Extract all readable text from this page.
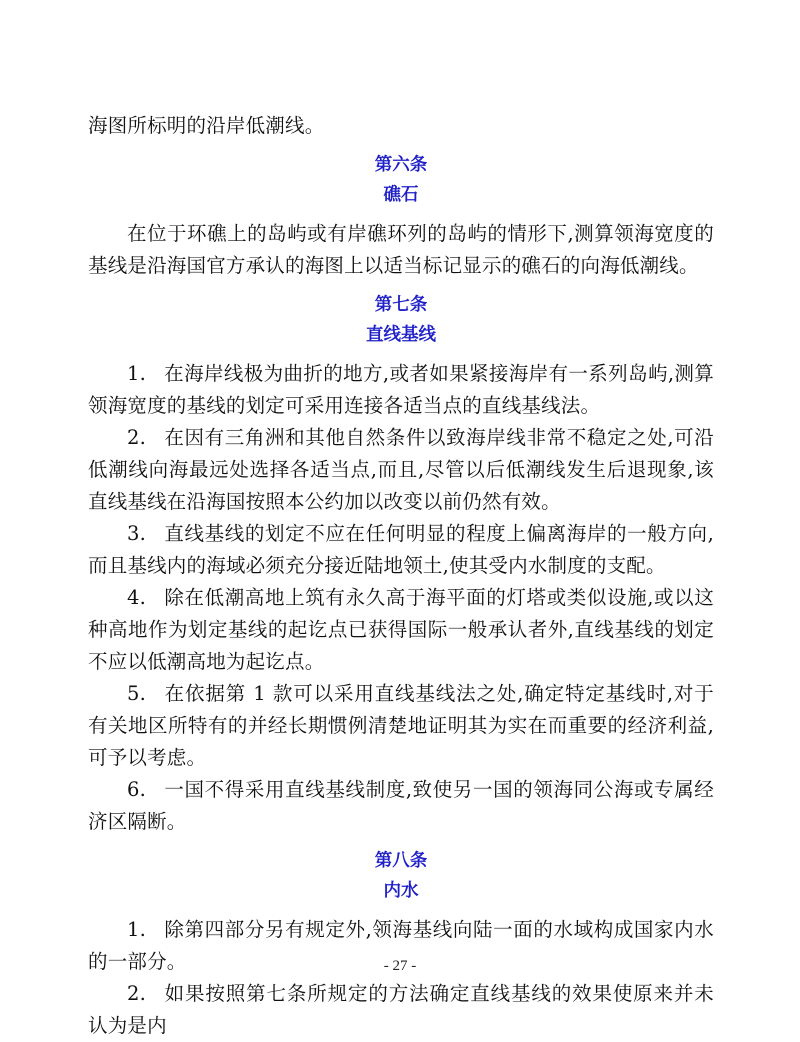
海图所标明的沿岸低潮线。

第六条
礁石

在位于环礁上的岛屿或有岸礁环列的岛屿的情形下,测算领海宽度的基线是沿海国官方承认的海图上以适当标记显示的礁石的向海低潮线。

第七条
直线基线

1. 在海岸线极为曲折的地方,或者如果紧接海岸有一系列岛屿,测算领海宽度的基线的划定可采用连接各适当点的直线基线法。

2. 在因有三角洲和其他自然条件以致海岸线非常不稳定之处,可沿低潮线向海最远处选择各适当点,而且,尽管以后低潮线发生后退现象,该直线基线在沿海国按照本公约加以改变以前仍然有效。

3. 直线基线的划定不应在任何明显的程度上偏离海岸的一般方向,而且基线内的海域必须充分接近陆地领土,使其受内水制度的支配。

4. 除在低潮高地上筑有永久高于海平面的灯塔或类似设施,或以这种高地作为划定基线的起讫点已获得国际一般承认者外,直线基线的划定不应以低潮高地为起讫点。

5. 在依据第 1 款可以采用直线基线法之处,确定特定基线时,对于有关地区所特有的并经长期惯例清楚地证明其为实在而重要的经济利益,可予以考虑。

6. 一国不得采用直线基线制度,致使另一国的领海同公海或专属经济区隔断。

第八条
内水

1. 除第四部分另有规定外,领海基线向陆一面的水域构成国家内水的一部分。

2. 如果按照第七条所规定的方法确定直线基线的效果使原来并未认为是内

- 27 -
